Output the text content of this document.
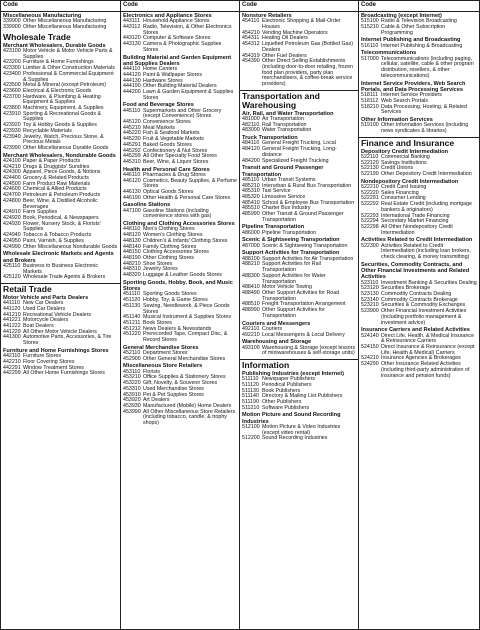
Code
Miscellaneous Manufacturing
339900 Other Miscellaneous Manufacturing
339900 Other Miscellaneous Manufacturing
Wholesale Trade
Merchant Wholesalers, Durable Goods
423100 Motor Vehicle & Motor Vehicle Parts & Supplies
423200 Furniture & Home Furnishings
423300 Lumber & Other Construction Materials
423400 Professional & Commercial Equipment & Supplies
423500 Metal & Mineral (except Petroleum)
423600 Electrical & Electronic Goods
423700 Hardware, & Plumbing & Heating Equipment & Supplies
423800 Machinery, Equipment, & Supplies
423910 Sporting & Recreational Goods & Supplies
423920 Toy & Hobby Goods & Supplies
423930 Recyclable Materials
423940 Jewelry, Watch, Precious Stone, & Precious Metals
423990 Other Miscellaneous Durable Goods
Merchant Wholesalers, Nondurable Goods
424100 Paper & Paper Products
424210 Drugs & Druggists' Sundries
424300 Apparel, Piece Goods, & Notions
424400 Grocery & Related Products
424500 Farm Product Raw Materials
424600 Chemical & Allied Products
424700 Petroleum & Petroleum Products
424800 Beer, Wine, & Distilled Alcoholic Beverages
424910 Farm Supplies
424920 Book, Periodical, & Newspapers
424930 Flower, Nursery Stock, & Florists' Supplies
424940 Tobacco & Tobacco Products
424950 Paint, Varnish, & Supplies
424990 Other Miscellaneous Nondurable Goods
Wholesale Electronic Markets and Agents and Brokers
425110 Business to Business Electronic Markets
425120 Wholesale Trade Agents & Brokers
Retail Trade
Motor Vehicle and Parts Dealers
441110 New Car Dealers
441120 Used Car Dealers
441210 Recreational Vehicle Dealers
441221 Motorcycle Dealers
441222 Boat Dealers
441229 All Other Motor Vehicle Dealers
441300 Automotive Parts, Accessories, & Tire Stores
Furniture and Home Furnishings Stores
442110 Furniture Stores
442210 Floor Covering Stores
442291 Window Treatment Stores
442299 All Other Home Furnishings Stores
Code
Electronics and Appliance Stores
443111 Household Appliance Stores
443112 Radio, Television, & Other Electronics Stores
443120 Computer & Software Stores
443130 Camera & Photographic Supplies Stores
Building Material and Garden Equipment and Supplies Dealers
444110 Home Centers
444120 Paint & Wallpaper Stores
444130 Hardware Stores
444190 Other Building Material Dealers
444200 Lawn & Garden Equipment & Supplies Stores
Food and Beverage Stores
445110 Supermarkets and Other Grocery (except Convenience) Stores
445120 Convenience Stores
445210 Meat Markets
445220 Fish & Seafood Markets
445230 Fruit & Vegetable Markets
445291 Baked Goods Stores
445292 Confectionery & Nut Stores
445299 All Other Specialty Food Stores
445310 Beer, Wine, & Liquor Stores
Health and Personal Care Stores
446110 Pharmacies & Drug Stores
446120 Cosmetics, Beauty Supplies, & Perfume Stores
446130 Optical Goods Stores
446190 Other Health & Personal Care Stores
Gasoline Stations
447100 Gasoline Stations (including convenience stores with gas)
Clothing and Clothing Accessories Stores
448110 Men's Clothing Stores
448120 Women's Clothing Stores
448130 Children's & Infants' Clothing Stores
448140 Family Clothing Stores
448150 Clothing Accessories Stores
448190 Other Clothing Stores
448210 Shoe Stores
448310 Jewelry Stores
448320 Luggage & Leather Goods Stores
Sporting Goods, Hobby, Book, and Music Stores
451110 Sporting Goods Stores
451120 Hobby, Toy, & Game Stores
451130 Sewing, Needlework, & Piece Goods Stores
451140 Musical Instrument & Supplies Stores
451211 Book Stores
451212 News Dealers & Newsstands
451220 Prerecorded Tape, Compact Disc, & Record Stores
General Merchandise Stores
452110 Department Stores
452900 Other General Merchandise Stores
Miscellaneous Store Retailers
453110 Florists
453210 Office Supplies & Stationery Stores
453220 Gift, Novelty, & Souvenir Stores
453310 Used Merchandise Stores
453910 Pet & Pet Supplies Stores
453920 Art Dealers
453930 Manufactured (Mobile) Home Dealers
453990 All Other Miscellaneous Store Retailers (including tobacco, candle, & trophy shops)
Code
Nonstore Retailers
454110 Electronic Shopping & Mail-Order Houses
454210 Vending Machine Operators
454311 Heating Oil Dealers
454312 Liquefied Petroleum Gas (Bottled Gas) Dealers
454319 Other Fuel Dealers
454390 Other Direct Selling Establishments (including door-to-door retailing, frozen food plan providers, party plan merchandisers, & coffee-break service providers)
Transportation and Warehousing
Air, Rail, and Water Transportation
481000 Air Transportation
482110 Rail Transportation
483000 Water Transportation
Truck Transportation
484110 General Freight Trucking, Local
484120 General Freight Trucking, Long-distance
484200 Specialized Freight Trucking
Transit and Ground Passenger Transportation
485110 Urban Transit Systems
485210 Interurban & Rural Bus Transportation
485310 Taxi Service
485320 Limousine Service
485410 School & Employee Bus Transportation
485510 Charter Bus Industry
485990 Other Transit & Ground Passenger Transportation
Pipeline Transportation
486000 Pipeline Transportation
Scenic & Sightseeing Transportation
487000 Scenic & Sightseeing Transportation
Support Activities for Transportation
488100 Support Activities for Air Transportation
488210 Support Activities for Rail Transportation
488300 Support Activities for Water Transportation
488410 Motor Vehicle Towing
488490 Other Support Activities for Road Transportation
488510 Freight Transportation Arrangement
488990 Other Support Activities for Transportation
Couriers and Messengers
492110 Couriers
492210 Local Messengers & Local Delivery
Warehousing and Storage
493100 Warehousing & Storage (except lessors of miniwarehouses & self-storage units)
Information
Publishing Industries (except Internet)
511110 Newspaper Publishers
511120 Periodical Publishers
511130 Book Publishers
511140 Directory & Mailing List Publishers
511190 Other Publishers
511210 Software Publishers
Motion Picture and Sound Recording Industries
512100 Motion Picture & Video Industries (except video rental)
512200 Sound Recording Industries
Code
Broadcasting (except Internet)
515100 Radio & Television Broadcasting
515210 Cable & Other Subscription Programming
Internet Publishing and Broadcasting
516110 Internet Publishing & Broadcasting
Telecommunications
517000 Telecommunications (including paging, cellular, satellite, cable & other program distribution, resellers, & other telecommunications)
Internet Service Providers, Web Search Portals, and Data Processing Services
518111 Internet Service Providers
518112 Web Search Portals
518210 Data Processing, Hosting, & Related Services
Other Information Services
519100 Other Information Services (including news syndicates & libraries)
Finance and Insurance
Depository Credit Intermediation
522110 Commercial Banking
522120 Savings Institutions
522130 Credit Unions
522190 Other Depository Credit Intermediation
Nondepository Credit Intermediation
522210 Credit Card Issuing
522220 Sales Financing
522291 Consumer Lending
522292 Real Estate Credit (including mortgage bankers & originators)
522293 International Trade Financing
522294 Secondary Market Financing
522298 All Other Nondepository Credit Intermediation
Activities Related to Credit Intermediation
522300 Activities Related to Credit Intermediation (including loan brokers, check clearing, & money transmitting)
Securities, Commodity Contracts, and Other Financial Investments and Related Activities
523110 Investment Banking & Securities Dealing
523120 Securities Brokerage
523130 Commodity Contracts Dealing
523140 Commodity Contracts Brokerage
523210 Securities & Commodity Exchanges
523900 Other Financial Investment Activities (including portfolio management & investment advice)
Insurance Carriers and Related Activities
524140 Direct Life, Health, & Medical Insurance & Reinsurance Carriers
524150 Direct Insurance & Reinsurance (except Life, Health & Medical) Carriers
524210 Insurance Agencies & Brokerages
524290 Other Insurance Related Activities (including third-party administration of insurance and pension funds)
